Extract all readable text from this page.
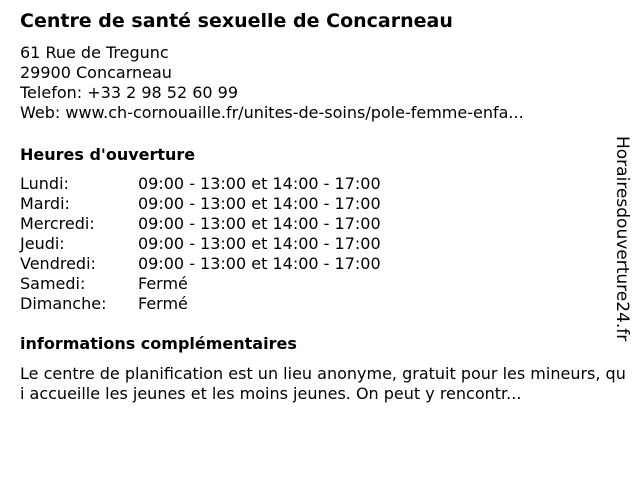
Centre de santé sexuelle de Concarneau
61 Rue de Tregunc
29900 Concarneau
Telefon: +33 2 98 52 60 99
Web: www.ch-cornouaille.fr/unites-de-soins/pole-femme-enfa...
Heures d'ouverture
Lundi:	09:00 - 13:00 et 14:00 - 17:00
Mardi:	09:00 - 13:00 et 14:00 - 17:00
Mercredi:	09:00 - 13:00 et 14:00 - 17:00
Jeudi:	09:00 - 13:00 et 14:00 - 17:00
Vendredi:	09:00 - 13:00 et 14:00 - 17:00
Samedi:	Fermé
Dimanche:	Fermé
informations complémentaires
Le centre de planification est un lieu anonyme, gratuit pour les mineurs, qui accueille les jeunes et les moins jeunes. On peut y rencontr...
Horairesdouverture24.fr
